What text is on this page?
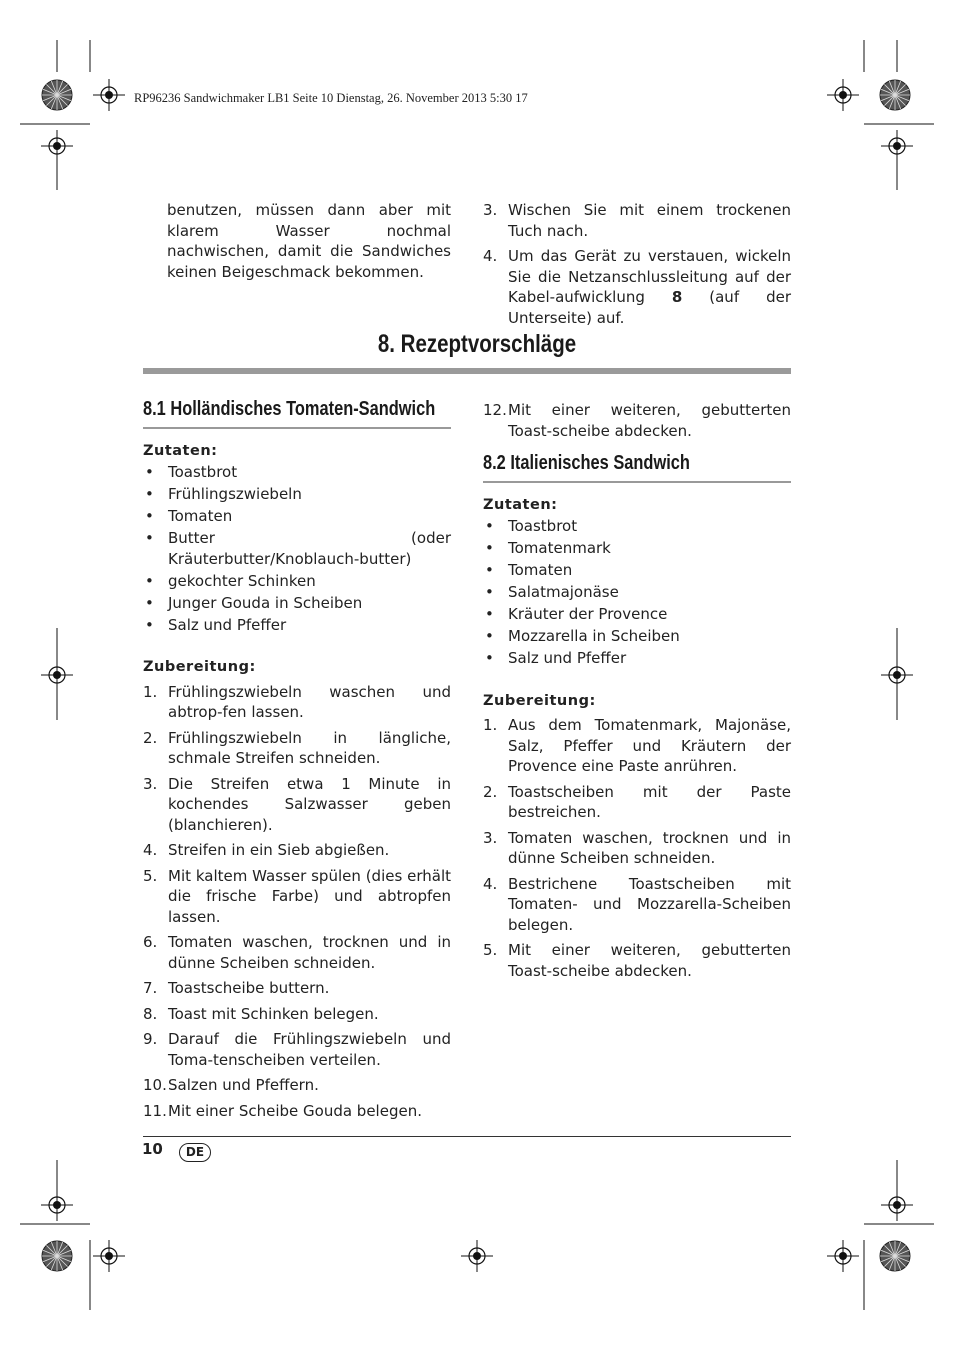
RP96236 Sandwichmaker LB1 Seite 10 Dienstag, 26. November 2013 5:30 17
benutzen, müssen dann aber mit klarem Wasser nochmal nachwischen, damit die Sandwiches keinen Beigeschmack bekommen.
3. Wischen Sie mit einem trockenen Tuch nach.
4. Um das Gerät zu verstauen, wickeln Sie die Netzanschlussleitung auf der Kabel-aufwicklung 8 (auf der Unterseite) auf.
8. Rezeptvorschläge
8.1 Holländisches Tomaten-Sandwich
Zutaten:
• Toastbrot
• Frühlingszwiebeln
• Tomaten
• Butter (oder Kräuterbutter/Knoblauch-butter)
• gekochter Schinken
• Junger Gouda in Scheiben
• Salz und Pfeffer
Zubereitung:
1. Frühlingszwiebeln waschen und abtrop-fen lassen.
2. Frühlingszwiebeln in längliche, schmale Streifen schneiden.
3. Die Streifen etwa 1 Minute in kochendes Salzwasser geben (blanchieren).
4. Streifen in ein Sieb abgießen.
5. Mit kaltem Wasser spülen (dies erhält die frische Farbe) und abtropfen lassen.
6. Tomaten waschen, trocknen und in dünne Scheiben schneiden.
7. Toastscheibe buttern.
8. Toast mit Schinken belegen.
9. Darauf die Frühlingszwiebeln und Toma-tenscheiben verteilen.
10. Salzen und Pfeffern.
11. Mit einer Scheibe Gouda belegen.
12. Mit einer weiteren, gebutterten Toast-scheibe abdecken.
8.2 Italienisches Sandwich
Zutaten:
• Toastbrot
• Tomatenmark
• Tomaten
• Salatmajonäse
• Kräuter der Provence
• Mozzarella in Scheiben
• Salz und Pfeffer
Zubereitung:
1. Aus dem Tomatenmark, Majonäse, Salz, Pfeffer und Kräutern der Provence eine Paste anrühren.
2. Toastscheiben mit der Paste bestreichen.
3. Tomaten waschen, trocknen und in dünne Scheiben schneiden.
4. Bestrichene Toastscheiben mit Tomaten- und Mozzarella-Scheiben belegen.
5. Mit einer weiteren, gebutterten Toast-scheibe abdecken.
10	DE
